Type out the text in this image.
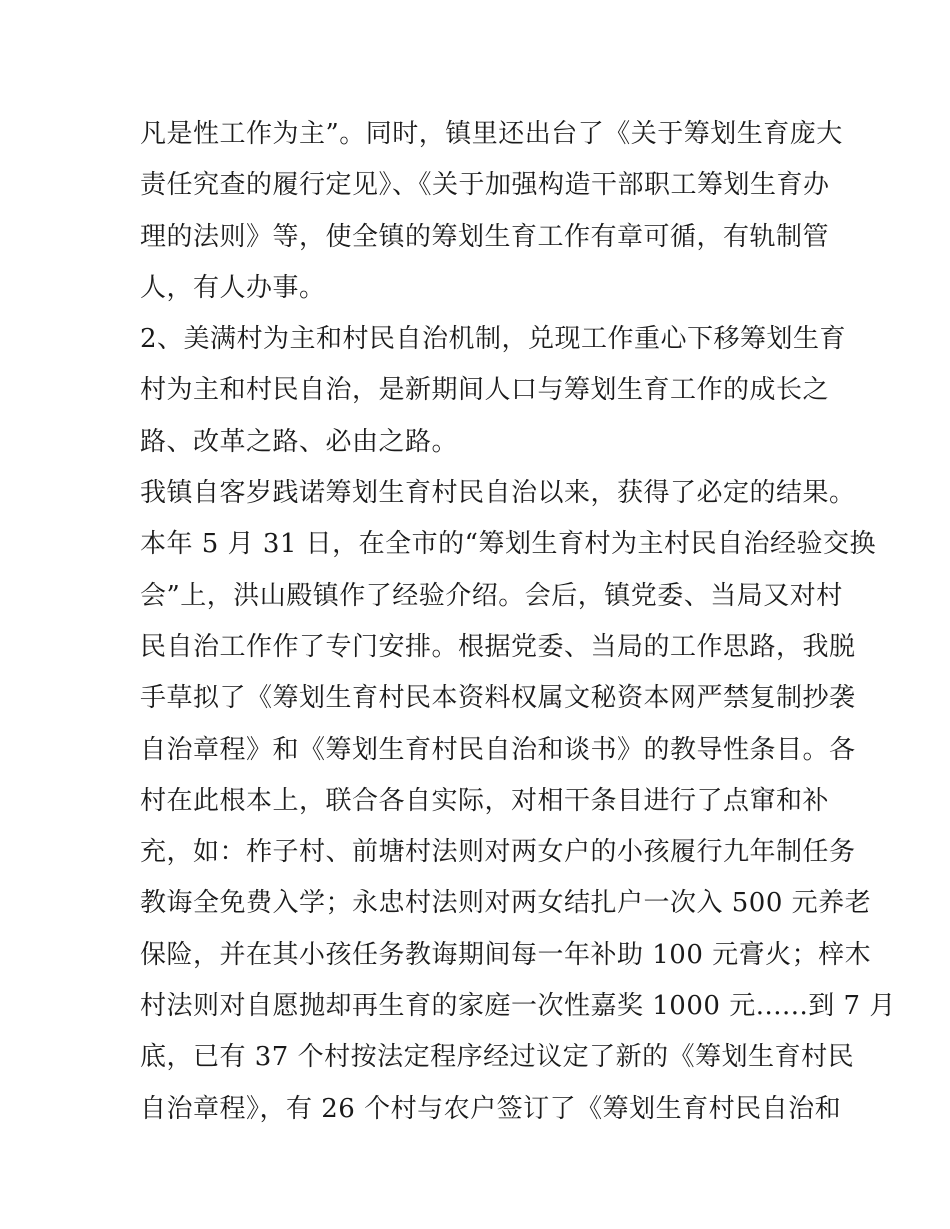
凡是性工作为主”。同时，镇里还出台了《关于筹划生育庞大
责任究查的履行定见》、《关于加强构造干部职工筹划生育办
理的法则》等，使全镇的筹划生育工作有章可循，有轨制管
人，有人办事。
2、美满村为主和村民自治机制，兑现工作重心下移筹划生育
村为主和村民自治，是新期间人口与筹划生育工作的成长之
路、改革之路、必由之路。
我镇自客岁践诺筹划生育村民自治以来，获得了必定的结果。
本年 5 月 31 日，在全市的“筹划生育村为主村民自治经验交换
会”上，洪山殿镇作了经验介绍。会后，镇党委、当局又对村
民自治工作作了专门安排。根据党委、当局的工作思路，我脱
手草拟了《筹划生育村民本资料权属文秘资本网严禁复制抄袭
自治章程》和《筹划生育村民自治和谈书》的教导性条目。各
村在此根本上，联合各自实际，对相干条目进行了点窜和补
充，如：柞子村、前塘村法则对两女户的小孩履行九年制任务
教诲全免费入学；永忠村法则对两女结扎户一次入 500 元养老
保险，并在其小孩任务教诲期间每一年补助 100 元膏火；梓木
村法则对自愿抛却再生育的家庭一次性嘉奖 1000 元......到 7 月
底，已有 37 个村按法定程序经过议定了新的《筹划生育村民
自治章程》，有 26 个村与农户签订了《筹划生育村民自治和
